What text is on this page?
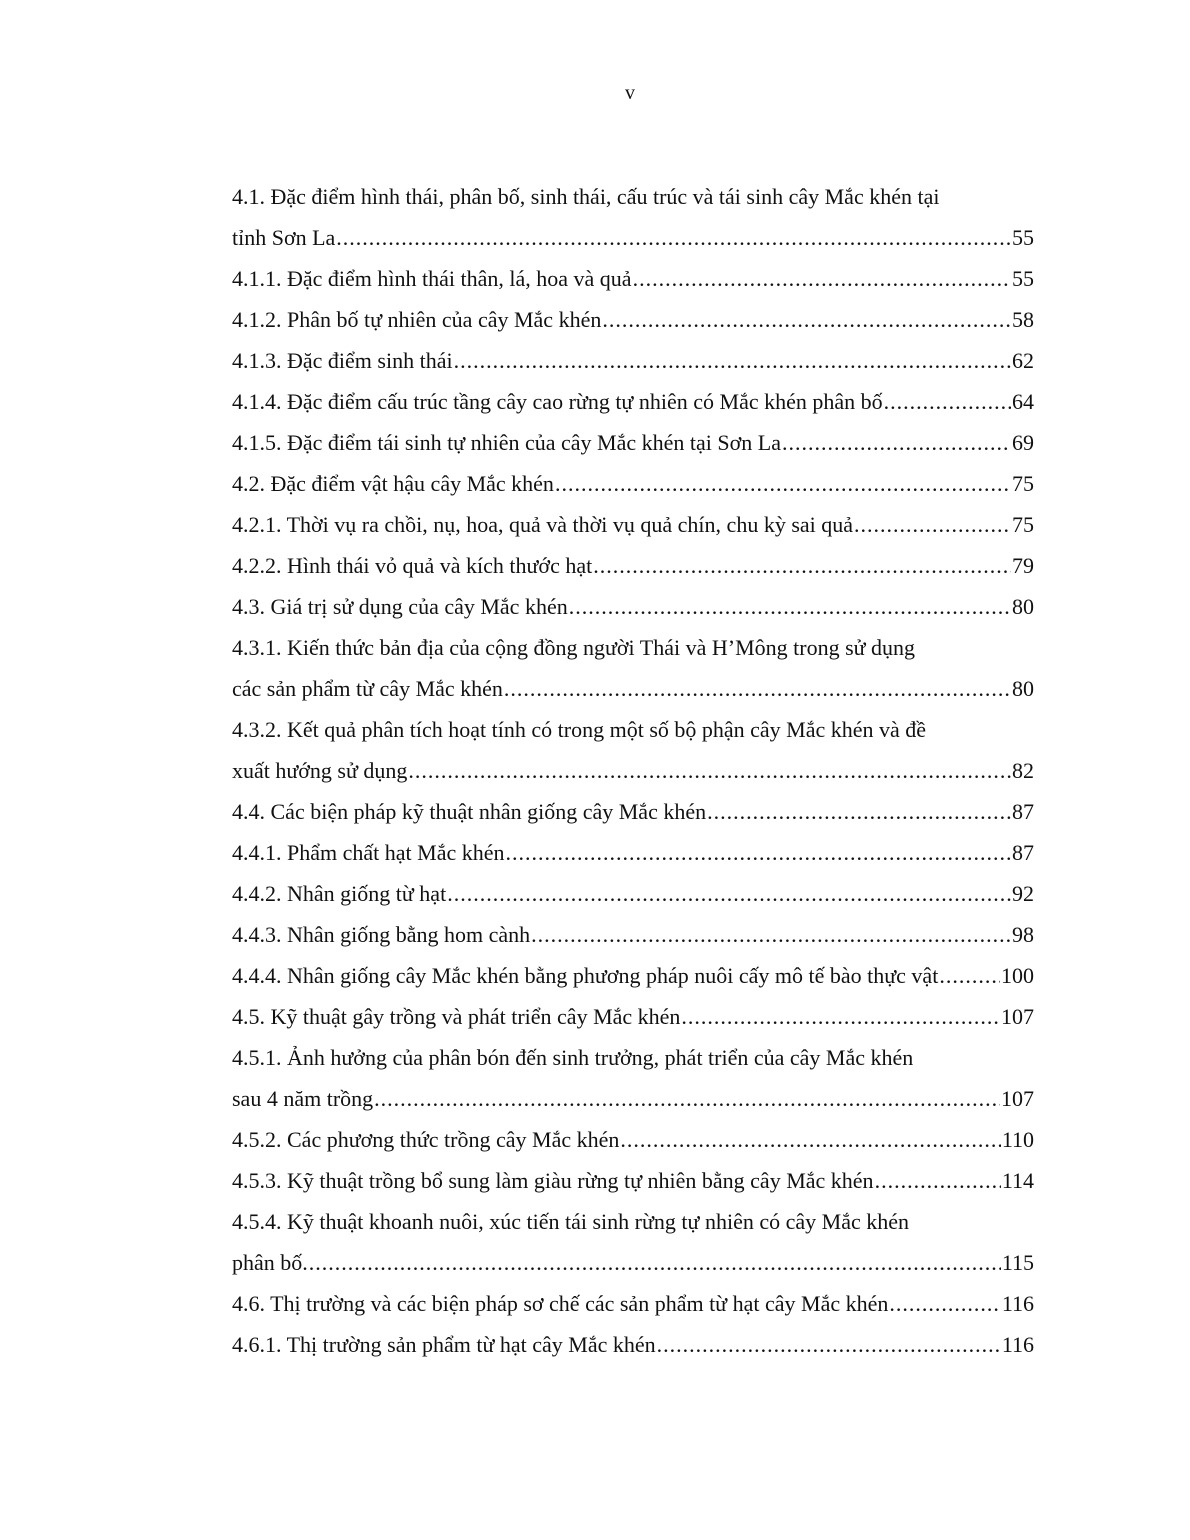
v
4.1. Đặc điểm hình thái, phân bố, sinh thái, cấu trúc và tái sinh cây Mắc khén tại
tỉnh Sơn La .....	55
4.1.1. Đặc điểm hình thái thân, lá, hoa và quả .....	55
4.1.2. Phân bố tự nhiên của cây Mắc khén .....	58
4.1.3. Đặc điểm sinh thái .....	62
4.1.4. Đặc điểm cấu trúc tầng cây cao rừng tự nhiên có Mắc khén phân bố .....	64
4.1.5. Đặc điểm tái sinh tự nhiên của cây Mắc khén tại Sơn La .....	69
4.2. Đặc điểm vật hậu cây Mắc khén .....	75
4.2.1. Thời vụ ra chồi, nụ, hoa, quả và thời vụ quả chín, chu kỳ sai quả .....	75
4.2.2. Hình thái vỏ quả và kích thước hạt .....	79
4.3. Giá trị sử dụng của cây Mắc khén .....	80
4.3.1. Kiến thức bản địa của cộng đồng người Thái và H’Mông trong sử dụng
các sản phẩm từ cây Mắc khén .....	80
4.3.2. Kết quả phân tích hoạt tính có trong một số bộ phận cây Mắc khén và đề
xuất hướng sử dụng .....	82
4.4. Các biện pháp kỹ thuật nhân giống cây Mắc khén .....	87
4.4.1. Phẩm chất hạt Mắc khén .....	87
4.4.2. Nhân giống từ hạt .....	92
4.4.3. Nhân giống bằng hom cành .....	98
4.4.4. Nhân giống cây Mắc khén bằng phương pháp nuôi cấy mô tế bào thực vật .....	100
4.5. Kỹ thuật gây trồng và phát triển cây Mắc khén .....	107
4.5.1. Ảnh hưởng của phân bón đến sinh trưởng, phát triển của cây Mắc khén
sau 4 năm trồng .....	107
4.5.2. Các phương thức trồng cây Mắc khén .....	110
4.5.3. Kỹ thuật trồng bổ sung làm giàu rừng tự nhiên bằng cây Mắc khén .....	114
4.5.4. Kỹ thuật khoanh nuôi, xúc tiến tái sinh rừng tự nhiên có cây Mắc khén
phân bố. .....	115
4.6. Thị trường và các biện pháp sơ chế các sản phẩm từ hạt cây Mắc khén .....	116
4.6.1. Thị trường sản phẩm từ hạt cây Mắc khén .....	116
